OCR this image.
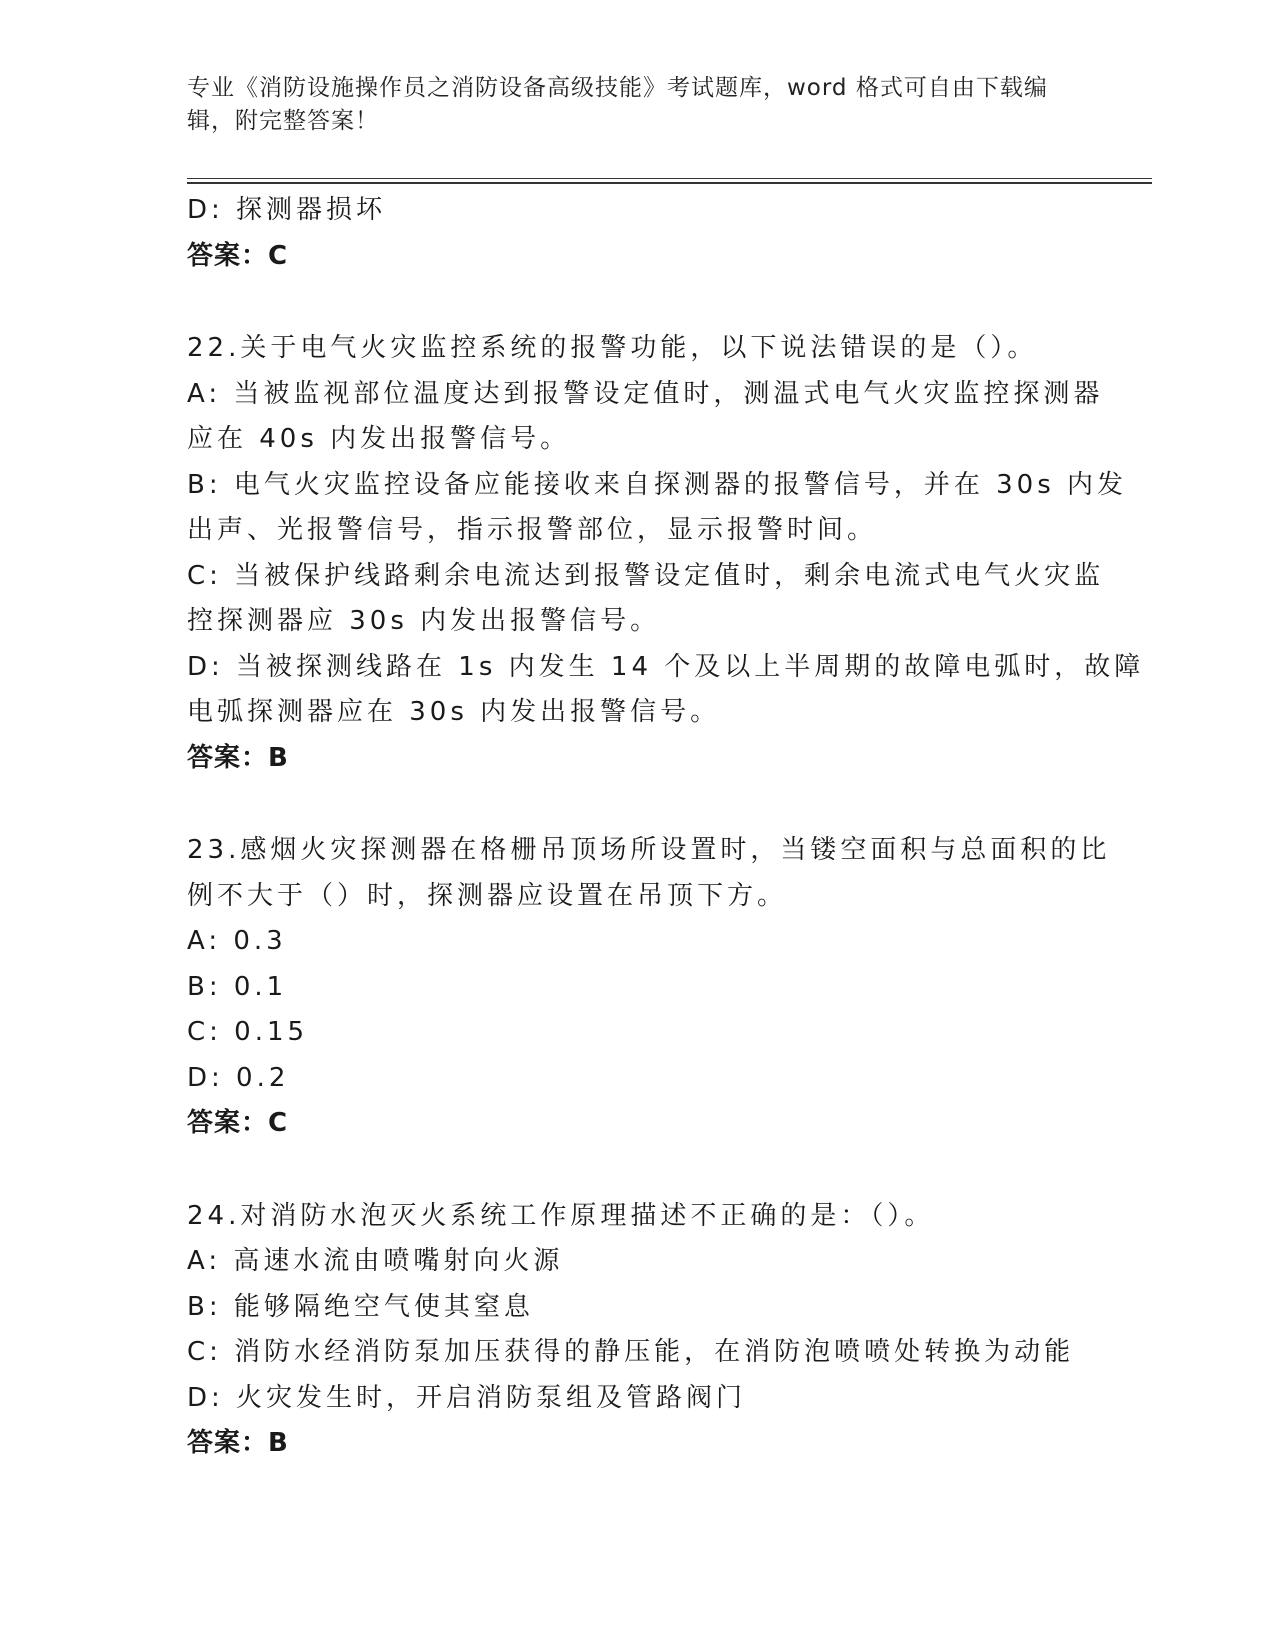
专业《消防设施操作员之消防设备高级技能》考试题库，word 格式可自由下载编
辑，附完整答案！
D: 探测器损坏
答案：C
22.关于电气火灾监控系统的报警功能，以下说法错误的是（）。
A: 当被监视部位温度达到报警设定值时，测温式电气火灾监控探测器
应在 40s 内发出报警信号。
B: 电气火灾监控设备应能接收来自探测器的报警信号，并在 30s 内发
出声、光报警信号，指示报警部位，显示报警时间。
C: 当被保护线路剩余电流达到报警设定值时，剩余电流式电气火灾监
控探测器应 30s 内发出报警信号。
D: 当被探测线路在 1s 内发生 14 个及以上半周期的故障电弧时，故障
电弧探测器应在 30s 内发出报警信号。
答案：B
23.感烟火灾探测器在格栅吊顶场所设置时，当镂空面积与总面积的比
例不大于（）时，探测器应设置在吊顶下方。
A: 0.3
B: 0.1
C: 0.15
D: 0.2
答案：C
24.对消防水泡灭火系统工作原理描述不正确的是：（）。
A: 高速水流由喷嘴射向火源
B: 能够隔绝空气使其窒息
C: 消防水经消防泵加压获得的静压能，在消防泡喷喷处转换为动能
D: 火灾发生时，开启消防泵组及管路阀门
答案：B
